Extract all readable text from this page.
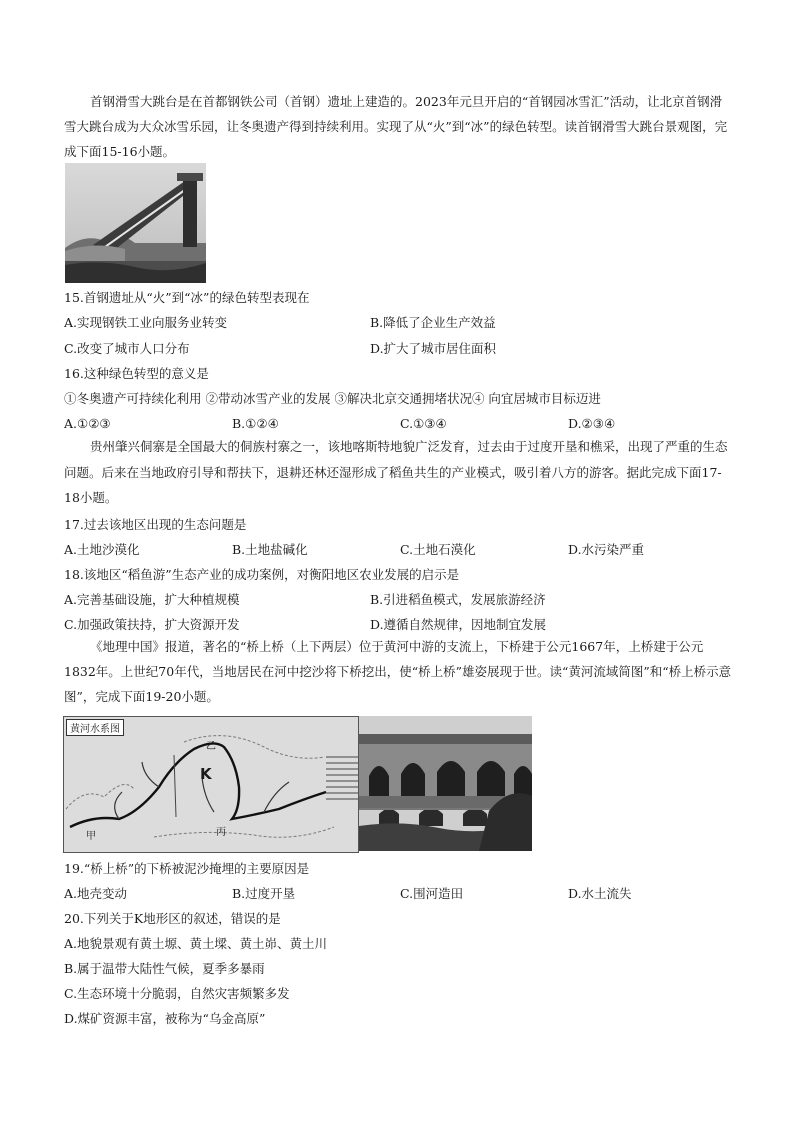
首钢滑雪大跳台是在首都钢铁公司（首钢）遗址上建造的。2023年元旦开启的“首钢园冰雪汇”活动，让北京首钢滑雪大跳台成为大众冰雪乐园，让冬奥遗产得到持续利用。实现了从“火”到“冰”的绿色转型。读首钢滑雪大跳台景观图，完成下面15-16小题。
15.首钢遗址从“火”到“冰”的绿色转型表现在
A.实现钢铁工业向服务业转变	B.降低了企业生产效益
C.改变了城市人口分布	D.扩大了城市居住面积
16.这种绿色转型的意义是
①冬奥遗产可持续化利用 ②带动冰雪产业的发展 ③解决北京交通拥堵状况④ 向宜居城市目标迈进
A.①②③	B.①②④	C.①③④	D.②③④
贵州肇兴侗寨是全国最大的侗族村寨之一，该地喀斯特地貌广泛发育，过去由于过度开垦和樵采，出现了严重的生态问题。后来在当地政府引导和帮扶下，退耕还林还湿形成了稻鱼共生的产业模式，吸引着八方的游客。据此完成下面17-18小题。
17.过去该地区出现的生态问题是
A.土地沙漠化	B.土地盐碱化	C.土地石漠化	D.水污染严重
18.该地区“稻鱼游”生态产业的成功案例，对衡阳地区农业发展的启示是
A.完善基础设施，扩大种植规模	B.引进稻鱼模式，发展旅游经济
C.加强政策扶持，扩大资源开发	D.遵循自然规律，因地制宜发展
《地理中国》报道，著名的“桥上桥（上下两层）位于黄河中游的支流上，下桥建于公元1667年，上桥建于公元1832年。上世纪70年代，当地居民在河中挖沙将下桥挖出，使“桥上桥”雄姿展现于世。读“黄河流域简图”和“桥上桥示意图”，完成下面19-20小题。
黄河水系图
K
甲
乙
丙
19.“桥上桥”的下桥被泥沙掩埋的主要原因是
A.地壳变动	B.过度开垦	C.围河造田	D.水土流失
20.下列关于K地形区的叙述，错误的是
A.地貌景观有黄土塬、黄土墚、黄土峁、黄土川
B.属于温带大陆性气候，夏季多暴雨
C.生态环境十分脆弱，自然灾害频繁多发
D.煤矿资源丰富，被称为“乌金高原”
